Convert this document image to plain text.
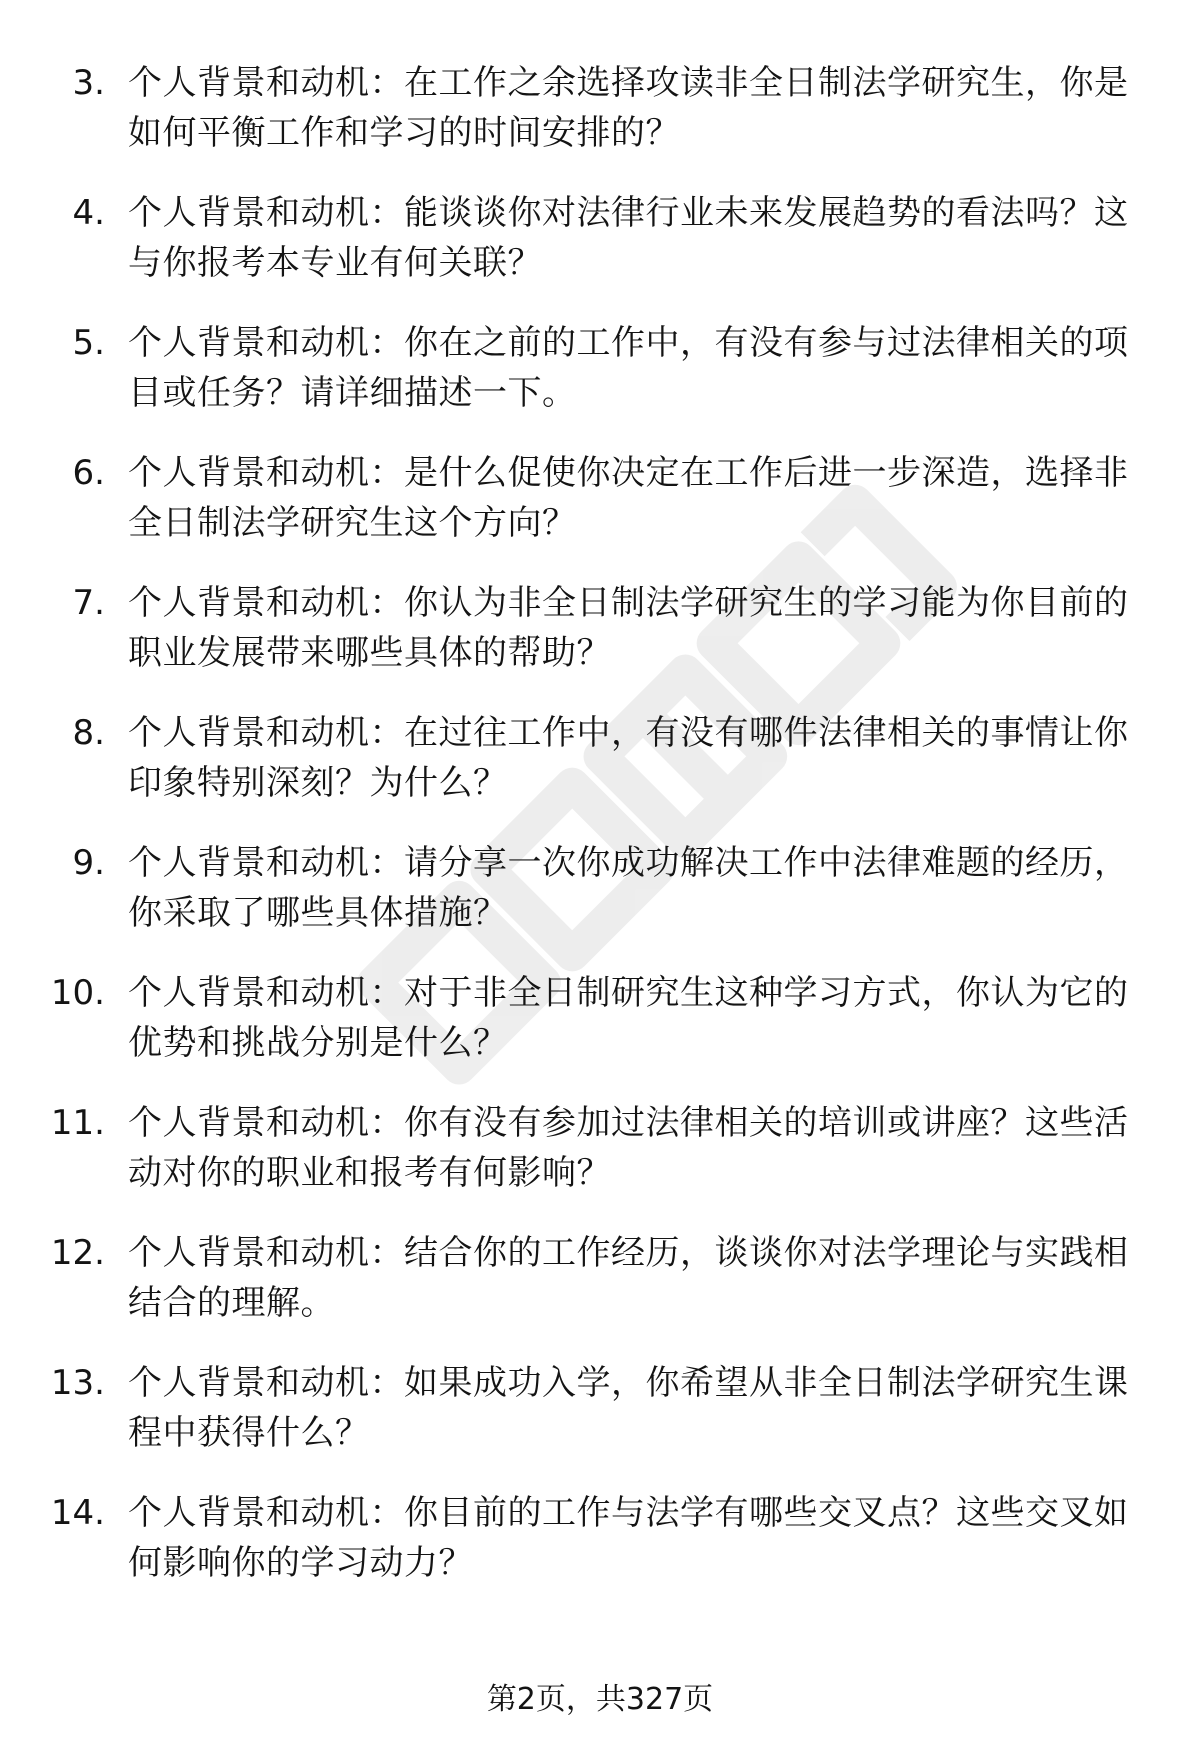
3. 个人背景和动机：在工作之余选择攻读非全日制法学研究生，你是如何平衡工作和学习的时间安排的？
4. 个人背景和动机：能谈谈你对法律行业未来发展趋势的看法吗？这与你报考本专业有何关联？
5. 个人背景和动机：你在之前的工作中，有没有参与过法律相关的项目或任务？请详细描述一下。
6. 个人背景和动机：是什么促使你决定在工作后进一步深造，选择非全日制法学研究生这个方向？
7. 个人背景和动机：你认为非全日制法学研究生的学习能为你目前的职业发展带来哪些具体的帮助？
8. 个人背景和动机：在过往工作中，有没有哪件法律相关的事情让你印象特别深刻？为什么？
9. 个人背景和动机：请分享一次你成功解决工作中法律难题的经历，你采取了哪些具体措施？
10. 个人背景和动机：对于非全日制研究生这种学习方式，你认为它的优势和挑战分别是什么？
11. 个人背景和动机：你有没有参加过法律相关的培训或讲座？这些活动对你的职业和报考有何影响？
12. 个人背景和动机：结合你的工作经历，谈谈你对法学理论与实践相结合的理解。
13. 个人背景和动机：如果成功入学，你希望从非全日制法学研究生课程中获得什么？
14. 个人背景和动机：你目前的工作与法学有哪些交叉点？这些交叉如何影响你的学习动力？
第2页，共327页
